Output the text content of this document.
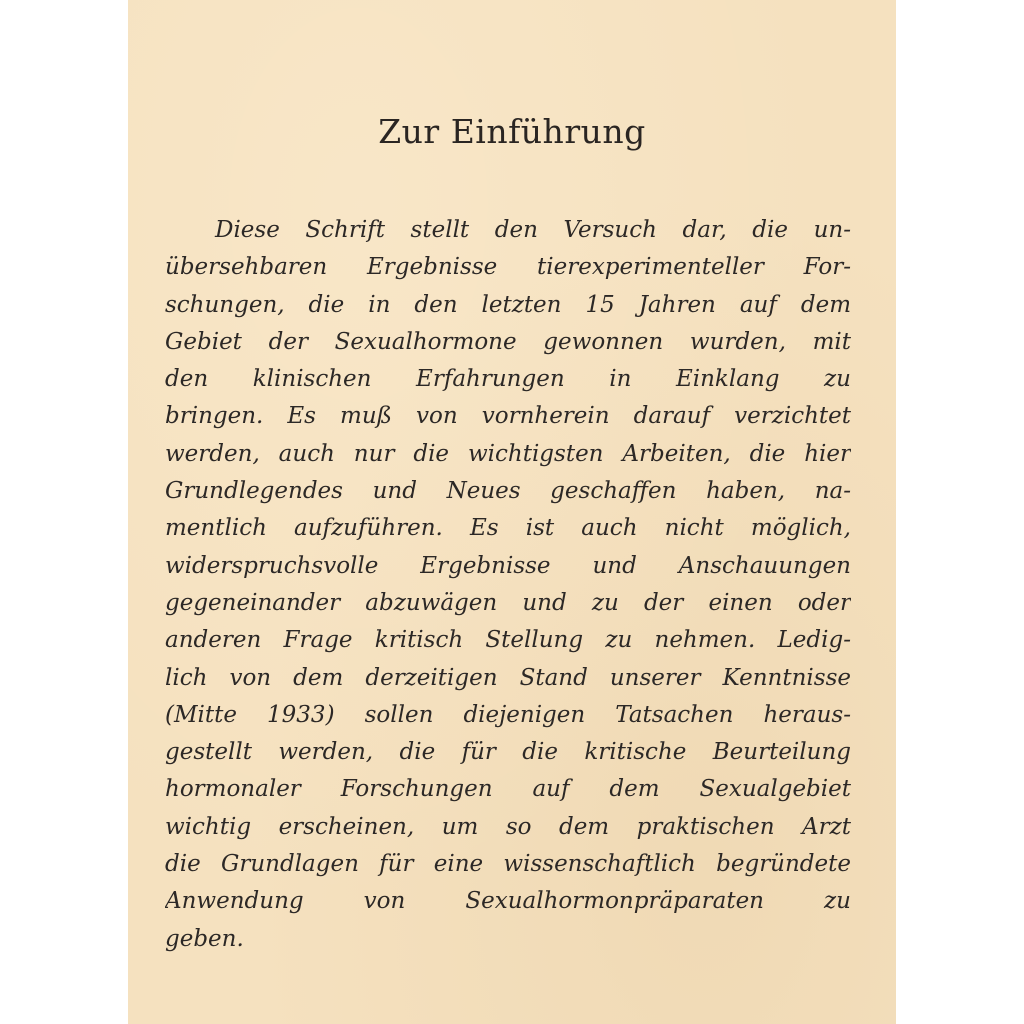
Zur Einführung
Diese Schrift stellt den Versuch dar, die un-
übersehbaren Ergebnisse tierexperimenteller For-
schungen, die in den letzten 15 Jahren auf dem
Gebiet der Sexualhormone gewonnen wurden, mit
den klinischen Erfahrungen in Einklang zu
bringen. Es muß von vornherein darauf verzichtet
werden, auch nur die wichtigsten Arbeiten, die hier
Grundlegendes und Neues geschaffen haben, na-
mentlich aufzuführen. Es ist auch nicht möglich,
widerspruchsvolle Ergebnisse und Anschauungen
gegeneinander abzuwägen und zu der einen oder
anderen Frage kritisch Stellung zu nehmen. Ledig-
lich von dem derzeitigen Stand unserer Kenntnisse
(Mitte 1933) sollen diejenigen Tatsachen heraus-
gestellt werden, die für die kritische Beurteilung
hormonaler Forschungen auf dem Sexualgebiet
wichtig erscheinen, um so dem praktischen Arzt
die Grundlagen für eine wissenschaftlich begründete
Anwendung von Sexualhormonpräparaten zu
geben.
